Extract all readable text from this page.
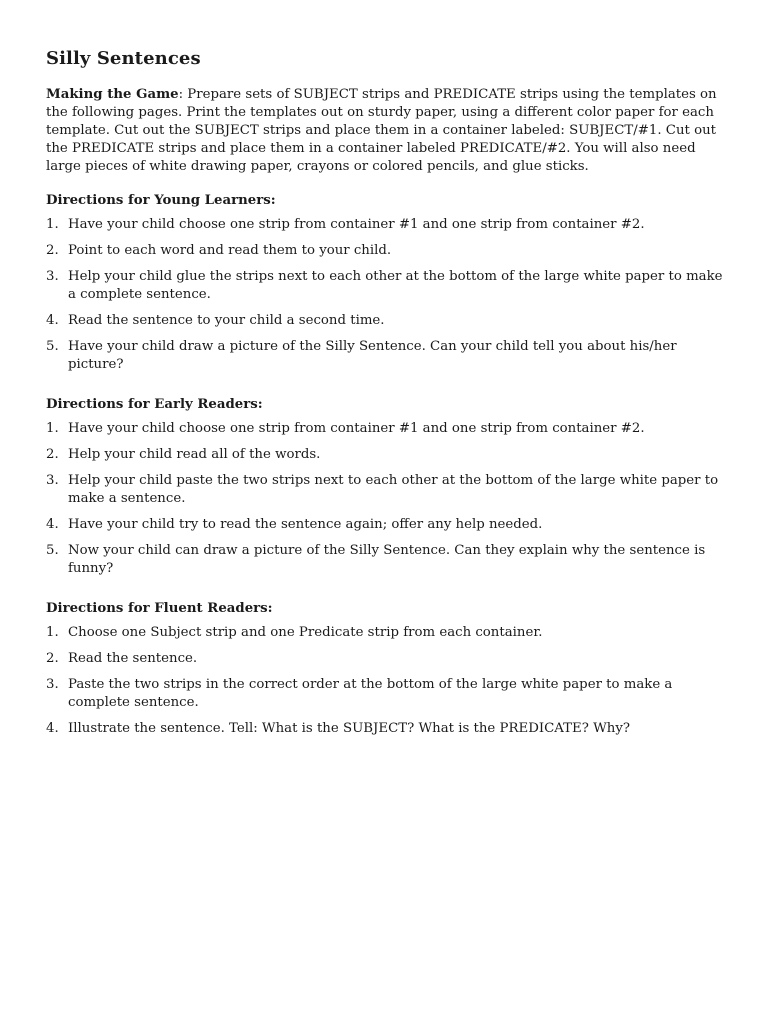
Silly Sentences

Making the Game: Prepare sets of SUBJECT strips and PREDICATE strips using the templates on the following pages. Print the templates out on sturdy paper, using a different color paper for each template. Cut out the SUBJECT strips and place them in a container labeled: SUBJECT/#1. Cut out the PREDICATE strips and place them in a container labeled PREDICATE/#2. You will also need large pieces of white drawing paper, crayons or colored pencils, and glue sticks.

Directions for Young Learners:
1. Have your child choose one strip from container #1 and one strip from container #2.
2. Point to each word and read them to your child.
3. Help your child glue the strips next to each other at the bottom of the large white paper to make a complete sentence.
4. Read the sentence to your child a second time.
5. Have your child draw a picture of the Silly Sentence. Can your child tell you about his/her picture?
Directions for Early Readers:
1. Have your child choose one strip from container #1 and one strip from container #2.
2. Help your child read all of the words.
3. Help your child paste the two strips next to each other at the bottom of the large white paper to make a sentence.
4. Have your child try to read the sentence again; offer any help needed.
5. Now your child can draw a picture of the Silly Sentence. Can they explain why the sentence is funny?
Directions for Fluent Readers:
1. Choose one Subject strip and one Predicate strip from each container.
2. Read the sentence.
3. Paste the two strips in the correct order at the bottom of the large white paper to make a complete sentence.
4. Illustrate the sentence. Tell: What is the SUBJECT? What is the PREDICATE? Why?
